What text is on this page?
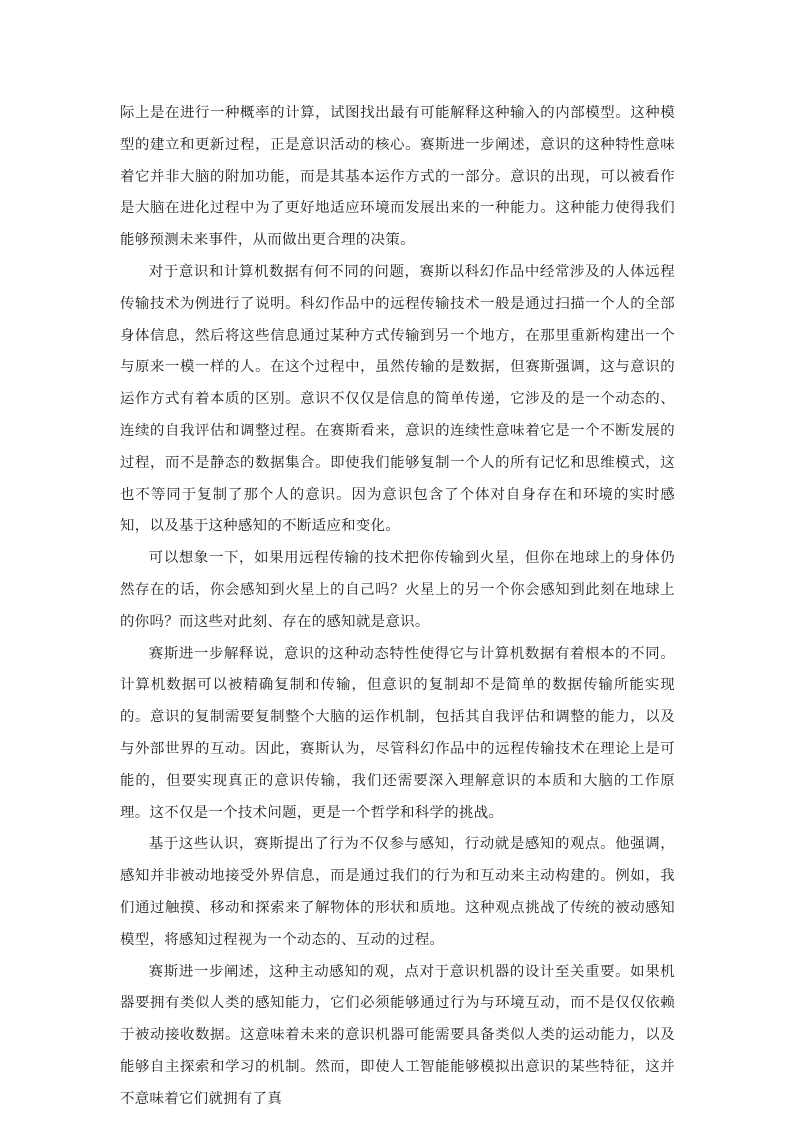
际上是在进行一种概率的计算，试图找出最有可能解释这种输入的内部模型。这种模型的建立和更新过程，正是意识活动的核心。赛斯进一步阐述，意识的这种特性意味着它并非大脑的附加功能，而是其基本运作方式的一部分。意识的出现，可以被看作是大脑在进化过程中为了更好地适应环境而发展出来的一种能力。这种能力使得我们能够预测未来事件，从而做出更合理的决策。

对于意识和计算机数据有何不同的问题，赛斯以科幻作品中经常涉及的人体远程传输技术为例进行了说明。科幻作品中的远程传输技术一般是通过扫描一个人的全部身体信息，然后将这些信息通过某种方式传输到另一个地方，在那里重新构建出一个与原来一模一样的人。在这个过程中，虽然传输的是数据，但赛斯强调，这与意识的运作方式有着本质的区别。意识不仅仅是信息的简单传递，它涉及的是一个动态的、连续的自我评估和调整过程。在赛斯看来，意识的连续性意味着它是一个不断发展的过程，而不是静态的数据集合。即使我们能够复制一个人的所有记忆和思维模式，这也不等同于复制了那个人的意识。因为意识包含了个体对自身存在和环境的实时感知，以及基于这种感知的不断适应和变化。

可以想象一下，如果用远程传输的技术把你传输到火星，但你在地球上的身体仍然存在的话，你会感知到火星上的自己吗？火星上的另一个你会感知到此刻在地球上的你吗？而这些对此刻、存在的感知就是意识。

赛斯进一步解释说，意识的这种动态特性使得它与计算机数据有着根本的不同。计算机数据可以被精确复制和传输，但意识的复制却不是简单的数据传输所能实现的。意识的复制需要复制整个大脑的运作机制，包括其自我评估和调整的能力，以及与外部世界的互动。因此，赛斯认为，尽管科幻作品中的远程传输技术在理论上是可能的，但要实现真正的意识传输，我们还需要深入理解意识的本质和大脑的工作原理。这不仅是一个技术问题，更是一个哲学和科学的挑战。

基于这些认识，赛斯提出了行为不仅参与感知，行动就是感知的观点。他强调，感知并非被动地接受外界信息，而是通过我们的行为和互动来主动构建的。例如，我们通过触摸、移动和探索来了解物体的形状和质地。这种观点挑战了传统的被动感知模型，将感知过程视为一个动态的、互动的过程。

赛斯进一步阐述，这种主动感知的观，点对于意识机器的设计至关重要。如果机器要拥有类似人类的感知能力，它们必须能够通过行为与环境互动，而不是仅仅依赖于被动接收数据。这意味着未来的意识机器可能需要具备类似人类的运动能力，以及能够自主探索和学习的机制。然而，即使人工智能能够模拟出意识的某些特征，这并不意味着它们就拥有了真
